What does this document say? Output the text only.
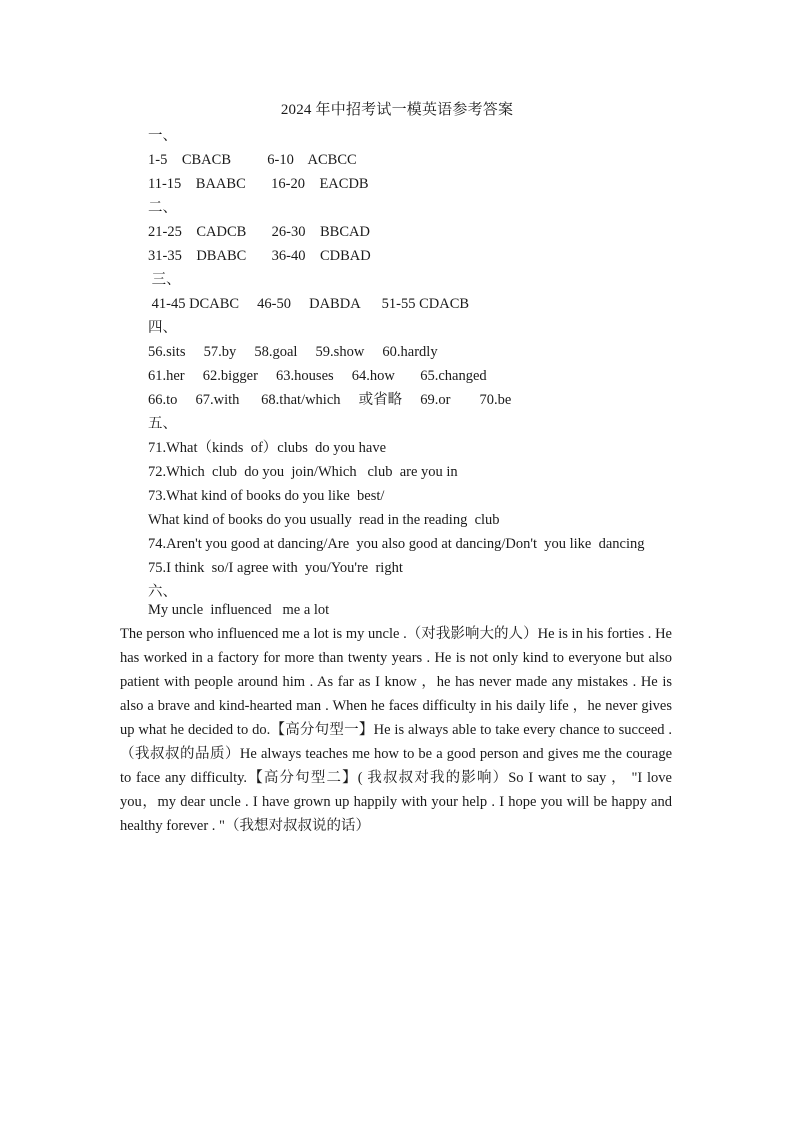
2024 年中招考试一模英语参考答案
一、
1-5    CBACB          6-10    ACBCC
11-15    BAABC       16-20    EACDB
二、
21-25    CADCB       26-30    BBCAD
31-35    DBABC       36-40    CDBAD
三、
41-45 DCABC     46-50     DABDA      51-55 CDACB
四、
56.sits     57.by     58.goal     59.show     60.hardly
61.her     62.bigger     63.houses     64.how       65.changed
66.to     67.with      68.that/which     或省略     69.or        70.be
五、
71.What（kinds  of）clubs  do you have
72.Which  club  do you  join/Which   club  are you in
73.What kind of books do you like  best/
What kind of books do you usually  read in the reading  club
74.Aren't you good at dancing/Are  you also good at dancing/Don't  you like  dancing
75.I think  so/I agree with  you/You're  right
六、
My uncle  influenced   me a lot
The person who influenced me a lot is my uncle .（对我影响大的人）He is in his forties . He has worked in a factory for more than twenty years . He is not only kind to everyone but also patient with people around him . As far as I know ，he has never made any mistakes . He is also a brave and kind-hearted man . When he faces difficulty in his daily life ，he never gives up what he decided to do.【高分句型一】He is always able to take every chance to succeed .（我叔叔的品质）He always teaches me how to be a good person and gives me the courage to face any difficulty.【高分句型二】( 我叔叔对我的影响）So I want to say ， "I love you，my dear uncle . I have grown up happily with your help . I hope you will be happy and healthy forever . "（我想对叔叔说的话）
